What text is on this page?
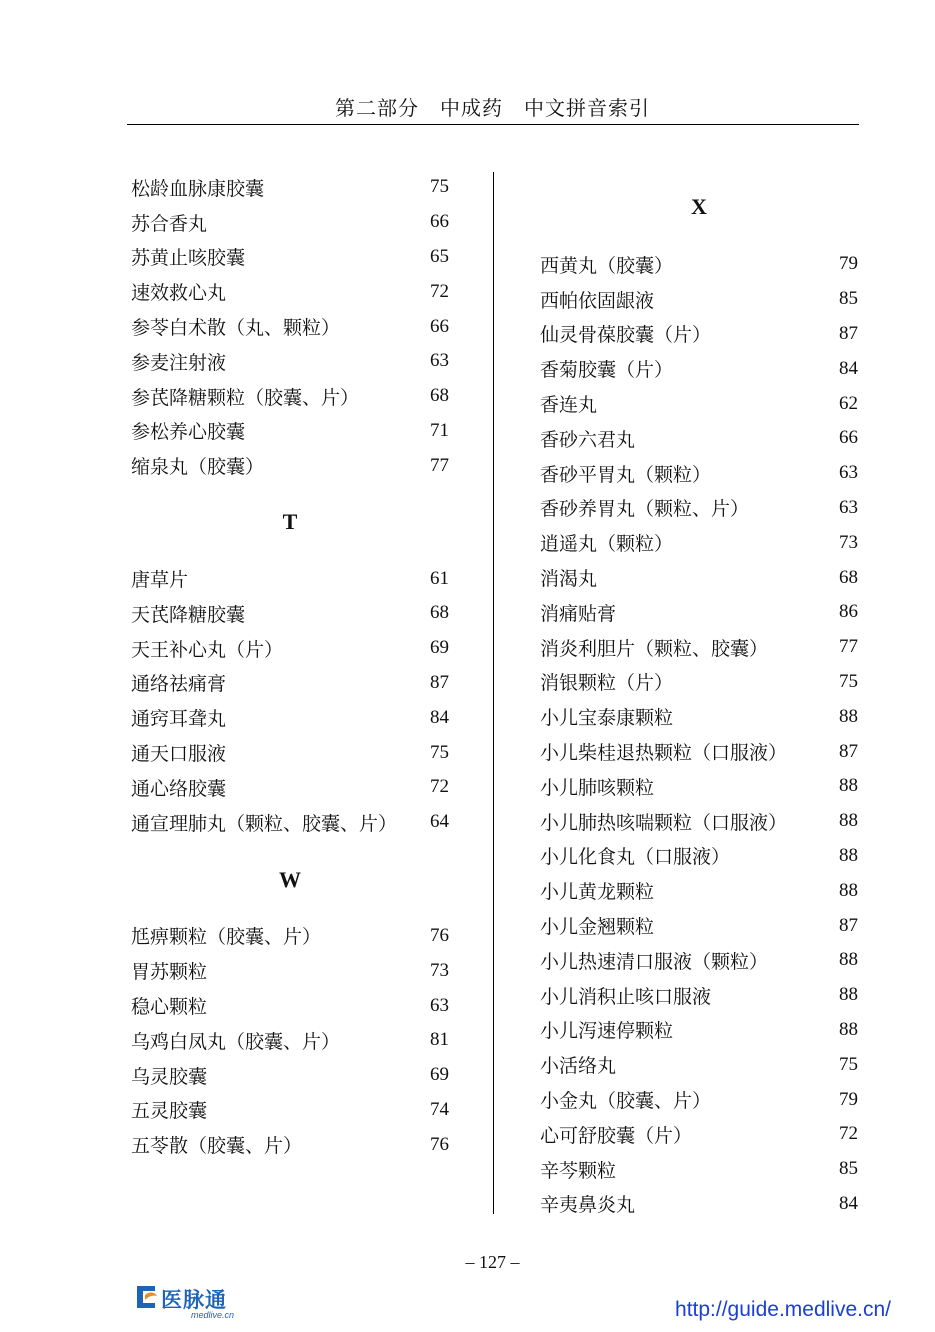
第二部分　中成药　中文拼音索引
松龄血脉康胶囊	75
苏合香丸	66
苏黄止咳胶囊	65
速效救心丸	72
参苓白术散（丸、颗粒）	66
参麦注射液	63
参芪降糖颗粒（胶囊、片）	68
参松养心胶囊	71
缩泉丸（胶囊）	77
T
唐草片	61
天芪降糖胶囊	68
天王补心丸（片）	69
通络祛痛膏	87
通窍耳聋丸	84
通天口服液	75
通心络胶囊	72
通宣理肺丸（颗粒、胶囊、片） 64
W
尪痹颗粒（胶囊、片）	76
胃苏颗粒	73
稳心颗粒	63
乌鸡白凤丸（胶囊、片）	81
乌灵胶囊	69
五灵胶囊	74
五苓散（胶囊、片）	76
X
西黄丸（胶囊）	79
西帕依固龈液	85
仙灵骨葆胶囊（片）	87
香菊胶囊（片）	84
香连丸	62
香砂六君丸	66
香砂平胃丸（颗粒）	63
香砂养胃丸（颗粒、片）	63
逍遥丸（颗粒）	73
消渴丸	68
消痛贴膏	86
消炎利胆片（颗粒、胶囊）	77
消银颗粒（片）	75
小儿宝泰康颗粒	88
小儿柴桂退热颗粒（口服液）	87
小儿肺咳颗粒	88
小儿肺热咳喘颗粒（口服液）	88
小儿化食丸（口服液）	88
小儿黄龙颗粒	88
小儿金翘颗粒	87
小儿热速清口服液（颗粒）	88
小儿消积止咳口服液	88
小儿泻速停颗粒	88
小活络丸	75
小金丸（胶囊、片）	79
心可舒胶囊（片）	72
辛芩颗粒	85
辛夷鼻炎丸	84
– 127 –
医脉通
medlive.cn	http://guide.medlive.cn/
